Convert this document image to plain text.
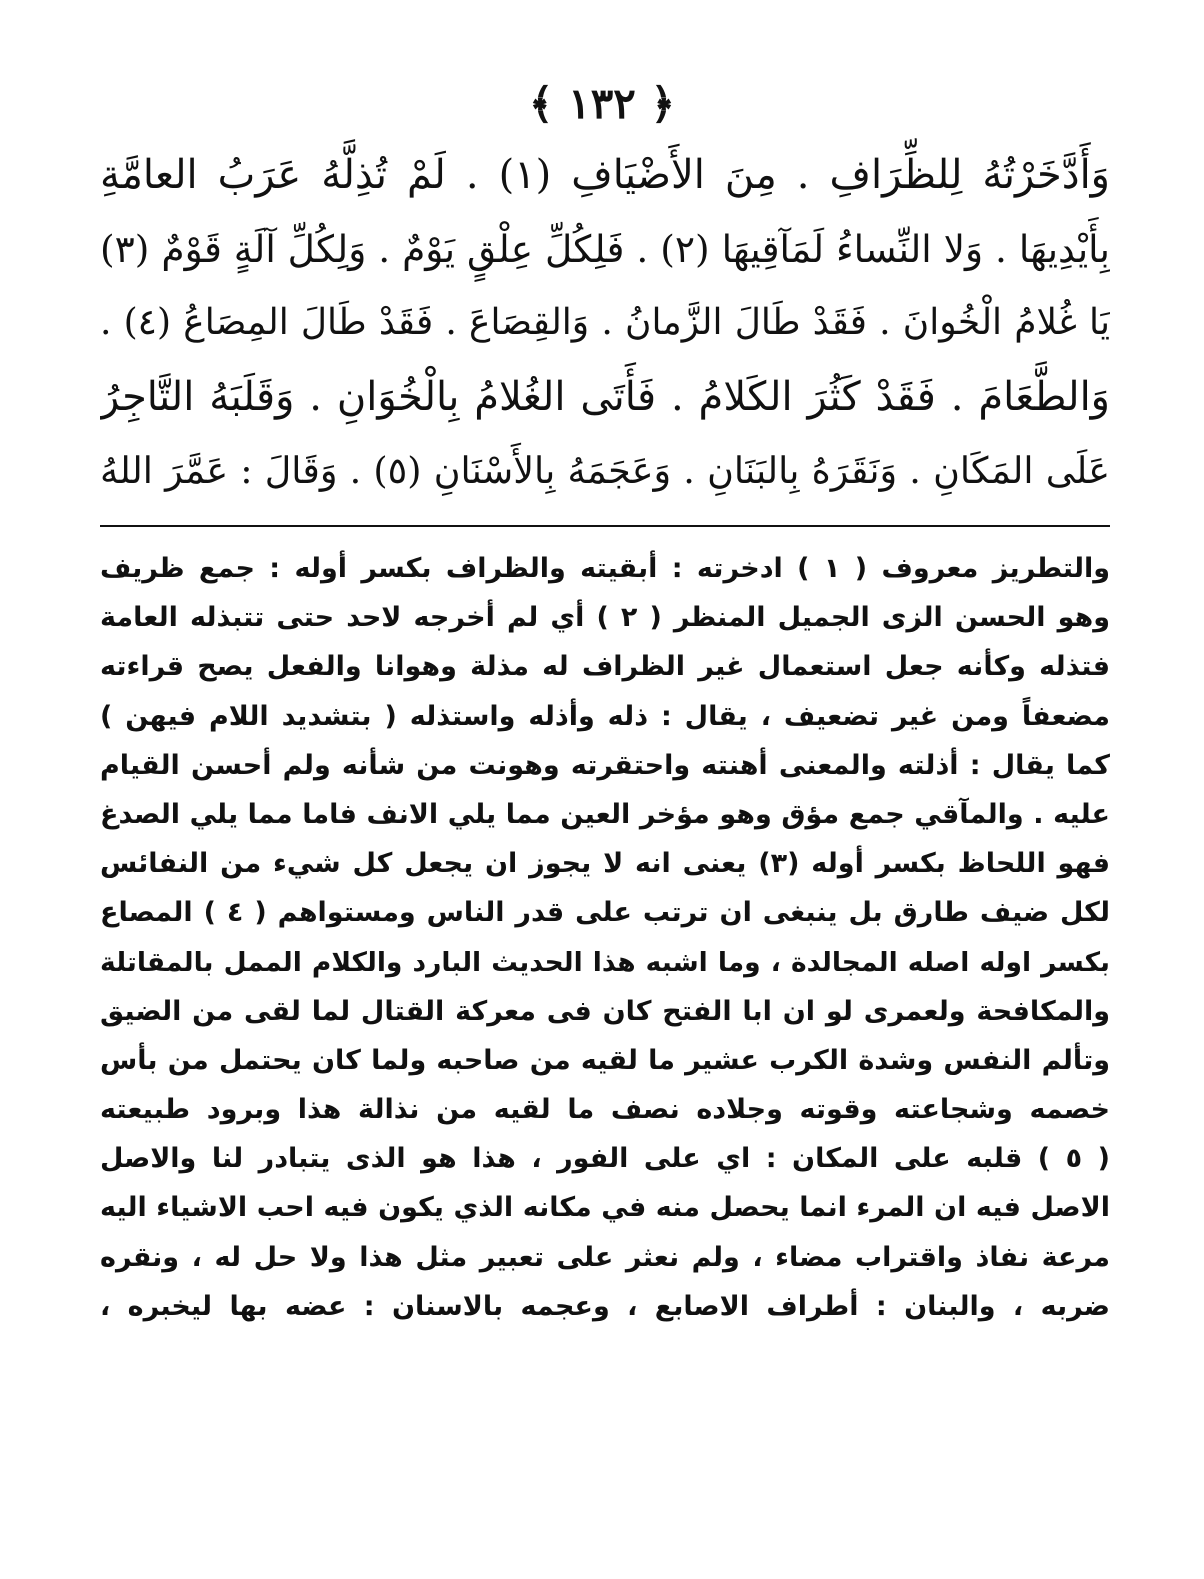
﴿ ١٣٢ ﴾
وَأَدَّخَرْتُهُ لِلظِّرَافِ . مِنَ الأَضْيَافِ (١) . لَمْ تُذِلَّهُ عَرَبُ العامَّةِ
بِأَيْدِيهَا . وَلا النِّساءُ لَمَآقِيهَا (٢) . فَلِكُلِّ عِلْقٍ يَوْمٌ . وَلِكُلِّ آلَةٍ قَوْمٌ (٣)
يَا غُلامُ الْخُوانَ . فَقَدْ طَالَ الزَّمانُ . وَالقِصَاعَ . فَقَدْ طَالَ المِصَاعُ (٤) .
وَالطَّعَامَ . فَقَدْ كَثُرَ الكَلامُ . فَأَتَى الغُلامُ بِالْخُوَانِ . وَقَلَبَهُ التَّاجِرُ
عَلَى المَكَانِ . وَنَقَرَهُ بِالبَنَانِ . وَعَجَمَهُ بِالأَسْنَانِ (٥) . وَقَالَ : عَمَّرَ اللهُ
والتطريز معروف ( ١ ) ادخرته : أبقيته والظراف بكسر أوله : جمع ظريف
وهو الحسن الزى الجميل المنظر ( ٢ ) أي لم أخرجه لاحد حتى تتبذله العامة
فتذله وكأنه جعل استعمال غير الظراف له مذلة وهوانا والفعل يصح قراءته
مضعفاً ومن غير تضعيف ، يقال : ذله وأذله واستذله ( بتشديد اللام فيهن )
كما يقال : أذلته والمعنى أهنته واحتقرته وهونت من شأنه ولم أحسن القيام
عليه . والمآقي جمع مؤق وهو مؤخر العين مما يلي الانف فاما مما يلي الصدغ
فهو اللحاظ بكسر أوله (٣) يعنى انه لا يجوز ان يجعل كل شيء من النفائس
لكل ضيف طارق بل ينبغى ان ترتب على قدر الناس ومستواهم ( ٤ ) المصاع
بكسر اوله اصله المجالدة ، وما اشبه هذا الحديث البارد والكلام الممل بالمقاتلة
والمكافحة ولعمرى لو ان ابا الفتح كان فى معركة القتال لما لقى من الضيق
وتألم النفس وشدة الكرب عشير ما لقيه من صاحبه ولما كان يحتمل من بأس
خصمه وشجاعته وقوته وجلاده نصف ما لقيه من نذالة هذا وبرود طبيعته
( ٥ ) قلبه على المكان : اي على الفور ، هذا هو الذى يتبادر لنا والاصل
الاصل فيه ان المرء انما يحصل منه في مكانه الذي يكون فيه احب الاشياء اليه
مرعة نفاذ واقتراب مضاء ، ولم نعثر على تعبير مثل هذا ولا حل له ، ونقره
ضربه ، والبنان : أطراف الاصابع ، وعجمه بالاسنان : عضه بها ليخبره ،
